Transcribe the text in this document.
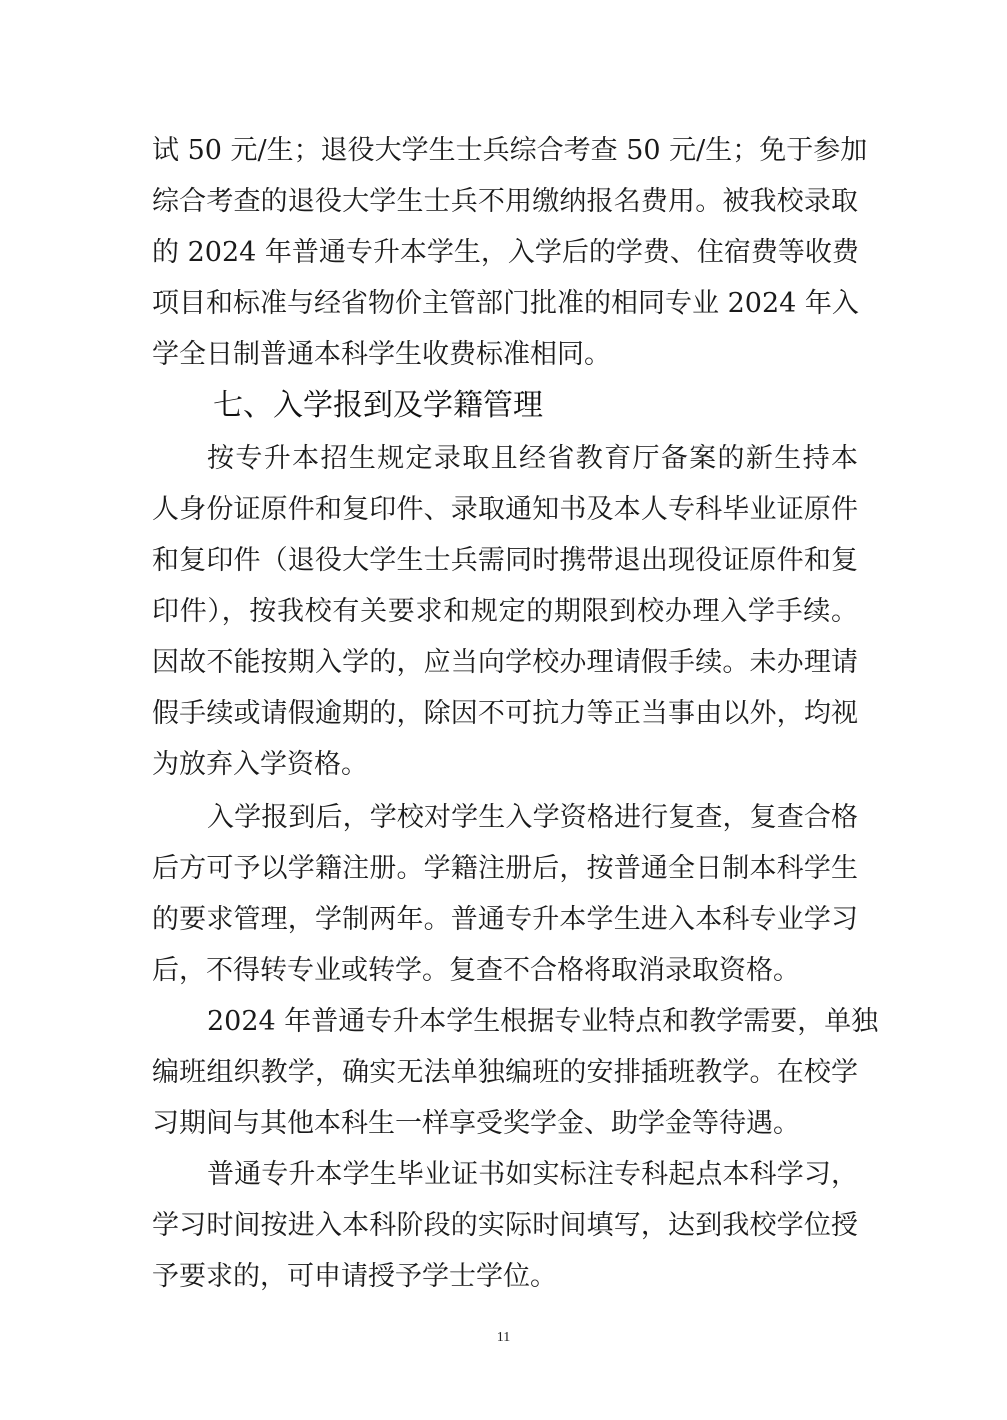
试 50 元/生；退役大学生士兵综合考查 50 元/生；免于参加
综合考查的退役大学生士兵不用缴纳报名费用。被我校录取
的 2024 年普通专升本学生，入学后的学费、住宿费等收费
项目和标准与经省物价主管部门批准的相同专业 2024 年入
学全日制普通本科学生收费标准相同。
七、入学报到及学籍管理
按专升本招生规定录取且经省教育厅备案的新生持本
人身份证原件和复印件、录取通知书及本人专科毕业证原件
和复印件（退役大学生士兵需同时携带退出现役证原件和复
印件），按我校有关要求和规定的期限到校办理入学手续。
因故不能按期入学的，应当向学校办理请假手续。未办理请
假手续或请假逾期的，除因不可抗力等正当事由以外，均视
为放弃入学资格。
入学报到后，学校对学生入学资格进行复查，复查合格
后方可予以学籍注册。学籍注册后，按普通全日制本科学生
的要求管理，学制两年。普通专升本学生进入本科专业学习
后，不得转专业或转学。复查不合格将取消录取资格。
2024 年普通专升本学生根据专业特点和教学需要，单独
编班组织教学，确实无法单独编班的安排插班教学。在校学
习期间与其他本科生一样享受奖学金、助学金等待遇。
普通专升本学生毕业证书如实标注专科起点本科学习，
学习时间按进入本科阶段的实际时间填写，达到我校学位授
予要求的，可申请授予学士学位。
11
